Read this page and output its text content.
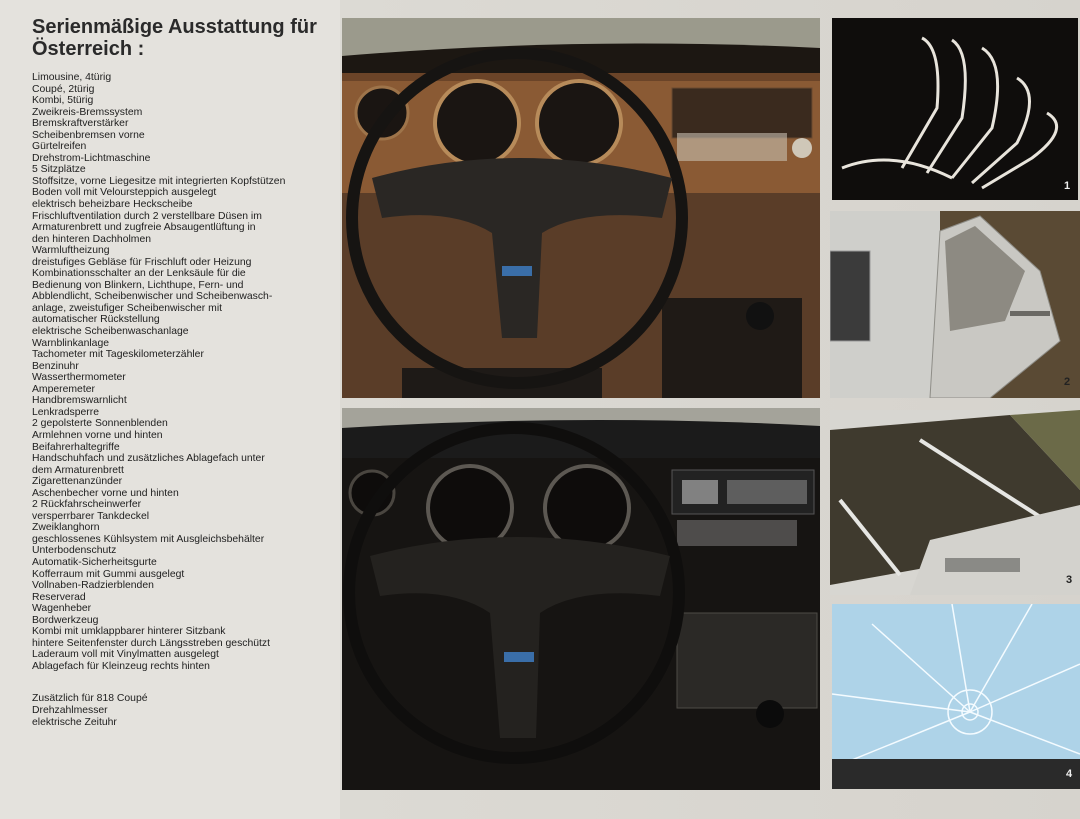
Serienmäßige Ausstattung für
Österreich :
Limousine, 4türig
Coupé, 2türig
Kombi, 5türig
Zweikreis-Bremssystem
Bremskraftverstärker
Scheibenbremsen vorne
Gürtelreifen
Drehstrom-Lichtmaschine
5 Sitzplätze
Stoffsitze, vorne Liegesitze mit integrierten Kopfstützen
Boden voll mit Veloursteppich ausgelegt
elektrisch beheizbare Heckscheibe
Frischluftventilation durch 2 verstellbare Düsen im
Armaturenbrett und zugfreie Absaugentlüftung in
den hinteren Dachholmen
Warmluftheizung
dreistufiges Gebläse für Frischluft oder Heizung
Kombinationsschalter an der Lenksäule für die
Bedienung von Blinkern, Lichthupe, Fern- und
Abblendlicht, Scheibenwischer und Scheibenwasch-
anlage, zweistufiger Scheibenwischer mit
automatischer Rückstellung
elektrische Scheibenwaschanlage
Warnblinkanlage
Tachometer mit Tageskilometerzähler
Benzinuhr
Wasserthermometer
Amperemeter
Handbremswarnlicht
Lenkradsperre
2 gepolsterte Sonnenblenden
Armlehnen vorne und hinten
Beifahrerhaltegriffe
Handschuhfach und zusätzliches Ablagefach unter
dem Armaturenbrett
Zigarettenanzünder
Aschenbecher vorne und hinten
2 Rückfahrscheinwerfer
versperrbarer Tankdeckel
Zweiklanghorn
geschlossenes Kühlsystem mit Ausgleichsbehälter
Unterbodenschutz
Automatik-Sicherheitsgurte
Kofferraum mit Gummi ausgelegt
Vollnaben-Radzierblenden
Reserverad
Wagenheber
Bordwerkzeug
Kombi mit umklappbarer hinterer Sitzbank
hintere Seitenfenster durch Längsstreben geschützt
Laderaum voll mit Vinylmatten ausgelegt
Ablagefach für Kleinzeug rechts hinten
Zusätzlich für 818 Coupé
Drehzahlmesser
elektrische Zeituhr
1
2
3
4
